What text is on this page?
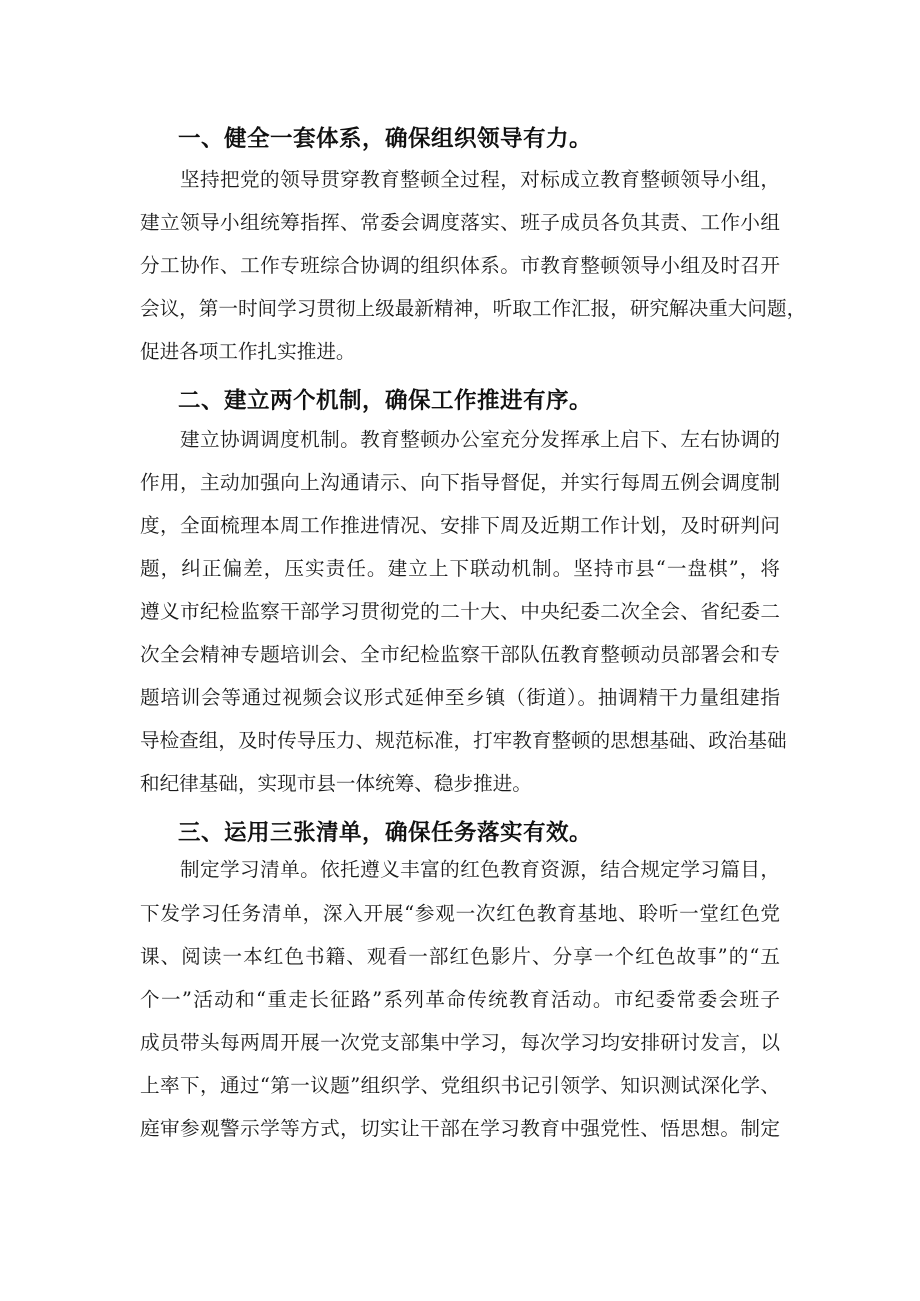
一、健全一套体系，确保组织领导有力。
坚持把党的领导贯穿教育整顿全过程，对标成立教育整顿领导小组，
建立领导小组统筹指挥、常委会调度落实、班子成员各负其责、工作小组
分工协作、工作专班综合协调的组织体系。市教育整顿领导小组及时召开
会议，第一时间学习贯彻上级最新精神，听取工作汇报，研究解决重大问题，
促进各项工作扎实推进。
二、建立两个机制，确保工作推进有序。
建立协调调度机制。教育整顿办公室充分发挥承上启下、左右协调的
作用，主动加强向上沟通请示、向下指导督促，并实行每周五例会调度制
度，全面梳理本周工作推进情况、安排下周及近期工作计划，及时研判问
题，纠正偏差，压实责任。建立上下联动机制。坚持市县“一盘棋”，将
遵义市纪检监察干部学习贯彻党的二十大、中央纪委二次全会、省纪委二
次全会精神专题培训会、全市纪检监察干部队伍教育整顿动员部署会和专
题培训会等通过视频会议形式延伸至乡镇（街道）。抽调精干力量组建指
导检查组，及时传导压力、规范标准，打牢教育整顿的思想基础、政治基础
和纪律基础，实现市县一体统筹、稳步推进。
三、运用三张清单，确保任务落实有效。
制定学习清单。依托遵义丰富的红色教育资源，结合规定学习篇目，
下发学习任务清单，深入开展“参观一次红色教育基地、聆听一堂红色党
课、阅读一本红色书籍、观看一部红色影片、分享一个红色故事”的“五
个一”活动和“重走长征路”系列革命传统教育活动。市纪委常委会班子
成员带头每两周开展一次党支部集中学习，每次学习均安排研讨发言，以
上率下，通过“第一议题”组织学、党组织书记引领学、知识测试深化学、
庭审参观警示学等方式，切实让干部在学习教育中强党性、悟思想。制定
